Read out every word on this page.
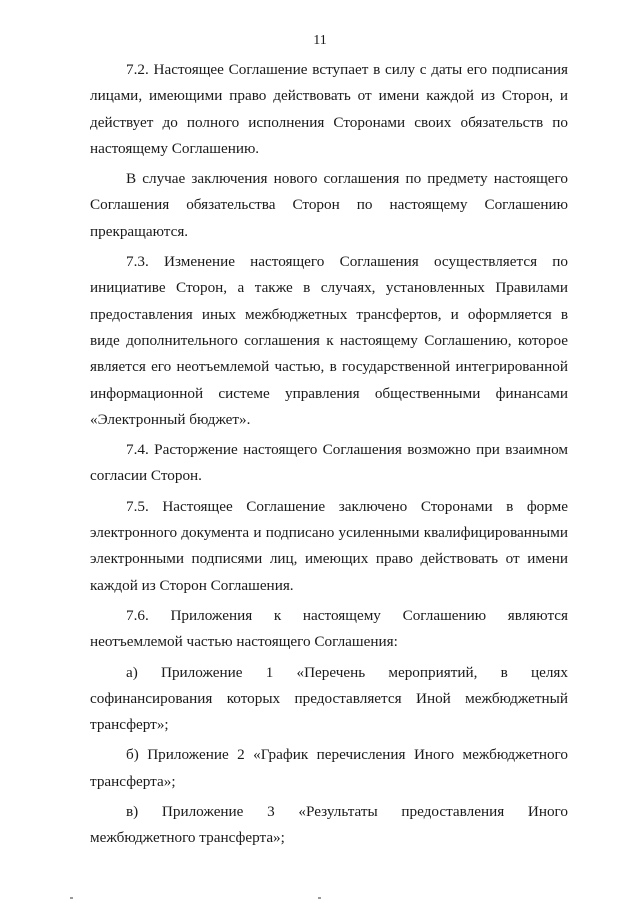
11

7.2. Настоящее Соглашение вступает в силу с даты его подписания лицами, имеющими право действовать от имени каждой из Сторон, и действует до полного исполнения Сторонами своих обязательств по настоящему Соглашению.

В случае заключения нового соглашения по предмету настоящего Соглашения обязательства Сторон по настоящему Соглашению прекращаются.

7.3. Изменение настоящего Соглашения осуществляется по инициативе Сторон, а также в случаях, установленных Правилами предоставления иных межбюджетных трансфертов, и оформляется в виде дополнительного соглашения к настоящему Соглашению, которое является его неотъемлемой частью, в государственной интегрированной информационной системе управления общественными финансами «Электронный бюджет».

7.4. Расторжение настоящего Соглашения возможно при взаимном согласии Сторон.

7.5. Настоящее Соглашение заключено Сторонами в форме электронного документа и подписано усиленными квалифицированными электронными подписями лиц, имеющих право действовать от имени каждой из Сторон Соглашения.

7.6. Приложения к настоящему Соглашению являются неотъемлемой частью настоящего Соглашения:

а) Приложение 1 «Перечень мероприятий, в целях софинансирования которых предоставляется Иной межбюджетный трансферт»;

б) Приложение 2 «График перечисления Иного межбюджетного трансферта»;

в) Приложение 3 «Результаты предоставления Иного межбюджетного трансферта»;
